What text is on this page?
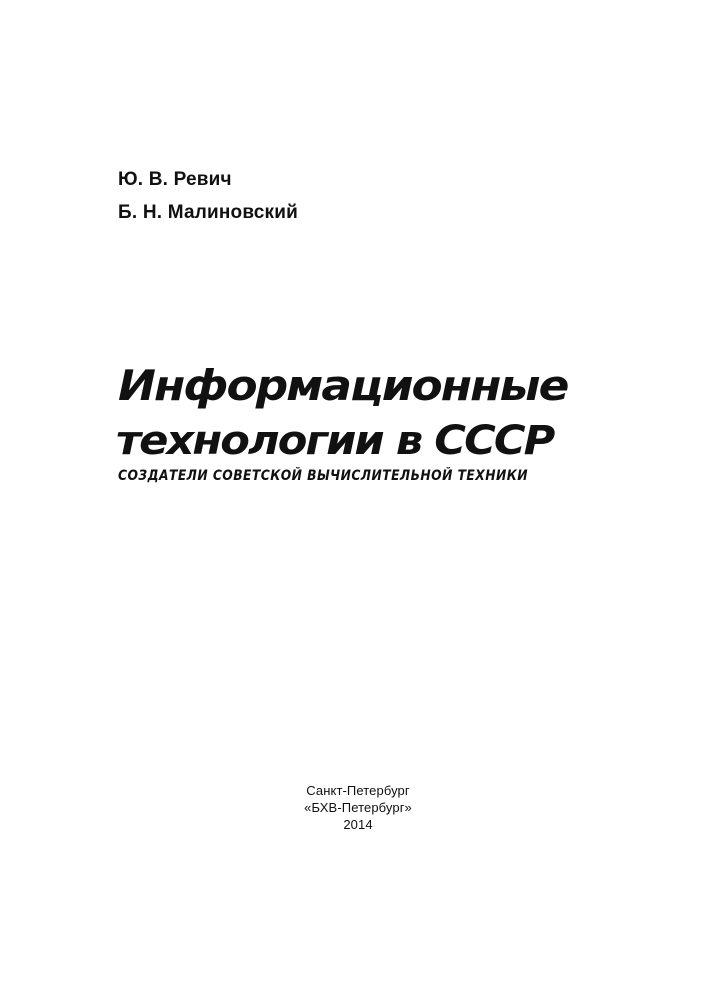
Ю. В. Ревич
Б. Н. Малиновский
Информационные
технологии в СССР
СОЗДАТЕЛИ СОВЕТСКОЙ ВЫЧИСЛИТЕЛЬНОЙ ТЕХНИКИ
Санкт-Петербург
«БХВ-Петербург»
2014
